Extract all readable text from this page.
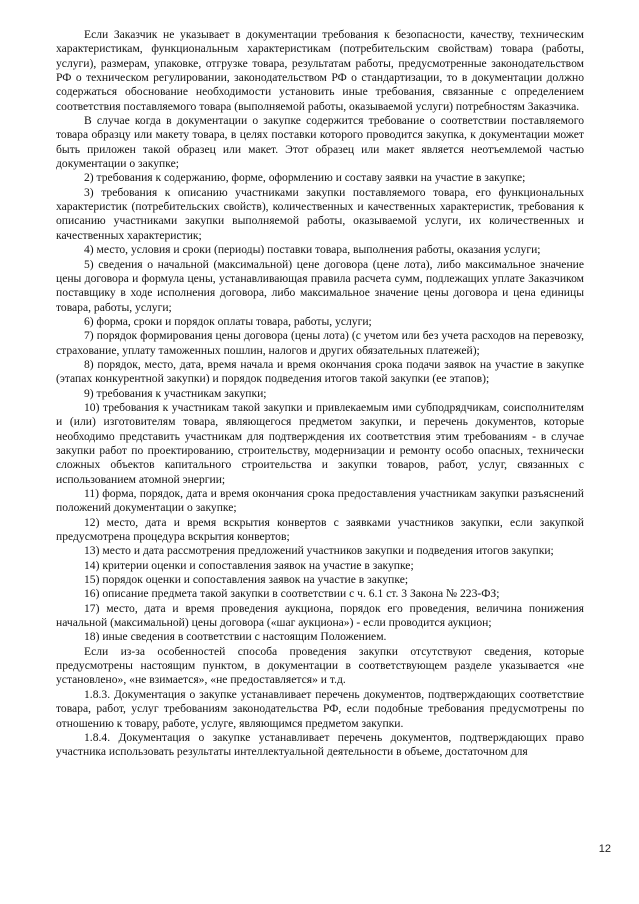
Если Заказчик не указывает в документации требования к безопасности, качеству, техническим характеристикам, функциональным характеристикам (потребительским свойствам) товара (работы, услуги), размерам, упаковке, отгрузке товара, результатам работы, предусмотренные законодательством РФ о техническом регулировании, законодательством РФ о стандартизации, то в документации должно содержаться обоснование необходимости установить иные требования, связанные с определением соответствия поставляемого товара (выполняемой работы, оказываемой услуги) потребностям Заказчика.

В случае когда в документации о закупке содержится требование о соответствии поставляемого товара образцу или макету товара, в целях поставки которого проводится закупка, к документации может быть приложен такой образец или макет. Этот образец или макет является неотъемлемой частью документации о закупке;

2) требования к содержанию, форме, оформлению и составу заявки на участие в закупке;

3) требования к описанию участниками закупки поставляемого товара, его функциональных характеристик (потребительских свойств), количественных и качественных характеристик, требования к описанию участниками закупки выполняемой работы, оказываемой услуги, их количественных и качественных характеристик;

4) место, условия и сроки (периоды) поставки товара, выполнения работы, оказания услуги;

5) сведения о начальной (максимальной) цене договора (цене лота), либо максимальное значение цены договора и формула цены, устанавливающая правила расчета сумм, подлежащих уплате Заказчиком поставщику в ходе исполнения договора, либо максимальное значение цены договора и цена единицы товара, работы, услуги;

6) форма, сроки и порядок оплаты товара, работы, услуги;

7) порядок формирования цены договора (цены лота) (с учетом или без учета расходов на перевозку, страхование, уплату таможенных пошлин, налогов и других обязательных платежей);

8) порядок, место, дата, время начала и время окончания срока подачи заявок на участие в закупке (этапах конкурентной закупки) и порядок подведения итогов такой закупки (ее этапов);

9) требования к участникам закупки;

10) требования к участникам такой закупки и привлекаемым ими субподрядчикам, соисполнителям и (или) изготовителям товара, являющегося предметом закупки, и перечень документов, которые необходимо представить участникам для подтверждения их соответствия этим требованиям - в случае закупки работ по проектированию, строительству, модернизации и ремонту особо опасных, технически сложных объектов капитального строительства и закупки товаров, работ, услуг, связанных с использованием атомной энергии;

11) форма, порядок, дата и время окончания срока предоставления участникам закупки разъяснений положений документации о закупке;

12) место, дата и время вскрытия конвертов с заявками участников закупки, если закупкой предусмотрена процедура вскрытия конвертов;

13) место и дата рассмотрения предложений участников закупки и подведения итогов закупки;

14) критерии оценки и сопоставления заявок на участие в закупке;

15) порядок оценки и сопоставления заявок на участие в закупке;

16) описание предмета такой закупки в соответствии с ч. 6.1 ст. 3 Закона № 223-ФЗ;

17) место, дата и время проведения аукциона, порядок его проведения, величина понижения начальной (максимальной) цены договора («шаг аукциона») - если проводится аукцион;

18) иные сведения в соответствии с настоящим Положением.

Если из-за особенностей способа проведения закупки отсутствуют сведения, которые предусмотрены настоящим пунктом, в документации в соответствующем разделе указывается «не установлено», «не взимается», «не предоставляется» и т.д.

1.8.3. Документация о закупке устанавливает перечень документов, подтверждающих соответствие товара, работ, услуг требованиям законодательства РФ, если подобные требования предусмотрены по отношению к товару, работе, услуге, являющимся предметом закупки.

1.8.4. Документация о закупке устанавливает перечень документов, подтверждающих право участника использовать результаты интеллектуальной деятельности в объеме, достаточном для

12
